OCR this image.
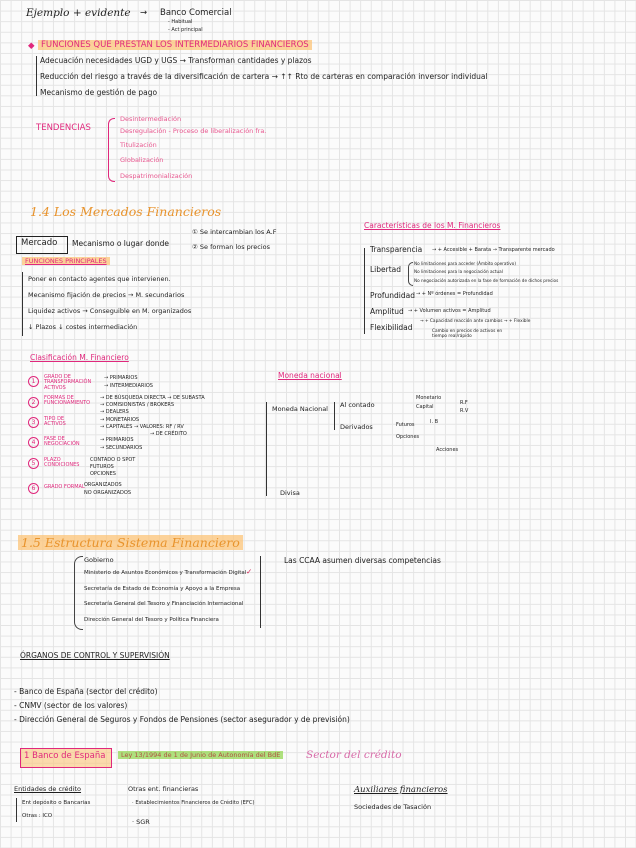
Ejemplo + evidente → Banco Comercial
- Habitual
- Act principal
◆ FUNCIONES QUE PRESTAN LOS INTERMEDIARIOS FINANCIEROS
Adecuación necesidades UGD y UGS → Transforman cantidades y plazos
Reducción del riesgo a través de la diversificación de cartera → ↑↑ Rto de carteras en comparación inversor individual
Mecanismo de gestión de pago
TENDENCIAS
Desintermediación
Desregulación - Proceso de liberalización fra.
Titulización
Globalización
Despatrimonialización
1.4 Los Mercados Financieros
Mercado Mecanismo o lugar donde
① Se intercambian los A.F
② Se forman los precios
FUNCIONES PRINCIPALES
Poner en contacto agentes que intervienen.
Mecanismo fijación de precios → M. secundarios
Liquidez activos → Conseguible en M. organizados
↓ Plazos ↓ costes intermediación
Características de los M. Financieros
Transparencia → + Accesible + Barata → Transparente mercado
Libertad
No limitaciones para acceder (Ámbito operativo)
No limitaciones para la negociación actual
No negociación autorizada en la fase de formación de dichos precios
Profundidad → + Nº órdenes = Profundidad
Amplitud → + Volumen activos = Amplitud
Flexibilidad
→ + Capacidad reacción ante cambios → + Flexible
Cambio en precios de activos en tiempo real/rápido
Clasificación M. Financiero
1
GRADO DE TRANSFORMACIÓN ACTIVOS
→ PRIMARIOS
→ INTERMEDIARIOS
2
FORMAS DE FUNCIONAMIENTO
→ DE BÚSQUEDA DIRECTA → DE SUBASTA
→ COMISIONISTAS / BROKERS
→ DEALERS
3	TIPO DE ACTIVOS
→ MONETARIOS
→ CAPITALES → VALORES: RF / RV
→ DE CRÉDITO
4	FASE DE NEGOCIACIÓN
→ PRIMARIOS
→ SECUNDARIOS
5	PLAZO CONDICIONES
CONTADO O SPOT
FUTUROS
OPCIONES
6	GRADO FORMAL ORGANIZADOS
NO ORGANIZADOS
Moneda nacional
Moneda Nacional Al contado
Monetario
Capital
R.F
R.V
Derivados	Futuros
Opciones
I. B
Acciones
Divisa
1.5 Estructura Sistema Financiero
Gobierno
Ministerio de Asuntos Económicos y Transformación Digital ✓
Secretaría de Estado de Economía y Apoyo a la Empresa
Secretaría General del Tesoro y Financiación Internacional
Dirección General del Tesoro y Política Financiera
Las CCAA asumen diversas competencias
ÓRGANOS DE CONTROL Y SUPERVISIÓN
- Banco de España (sector del crédito)
- CNMV (sector de los valores)
- Dirección General de Seguros y Fondos de Pensiones (sector asegurador y de previsión)
1 Banco de España	Ley 13/1994 de 1 de Junio de Autonomía del BdE Sector del crédito
Entidades de crédito
Ent depósito o Bancarias
Otras : ICO
Otras ent. financieras
· Establecimientos Financieros de Crédito (EFC)
· SGR
Auxiliares financieros
Sociedades de Tasación
